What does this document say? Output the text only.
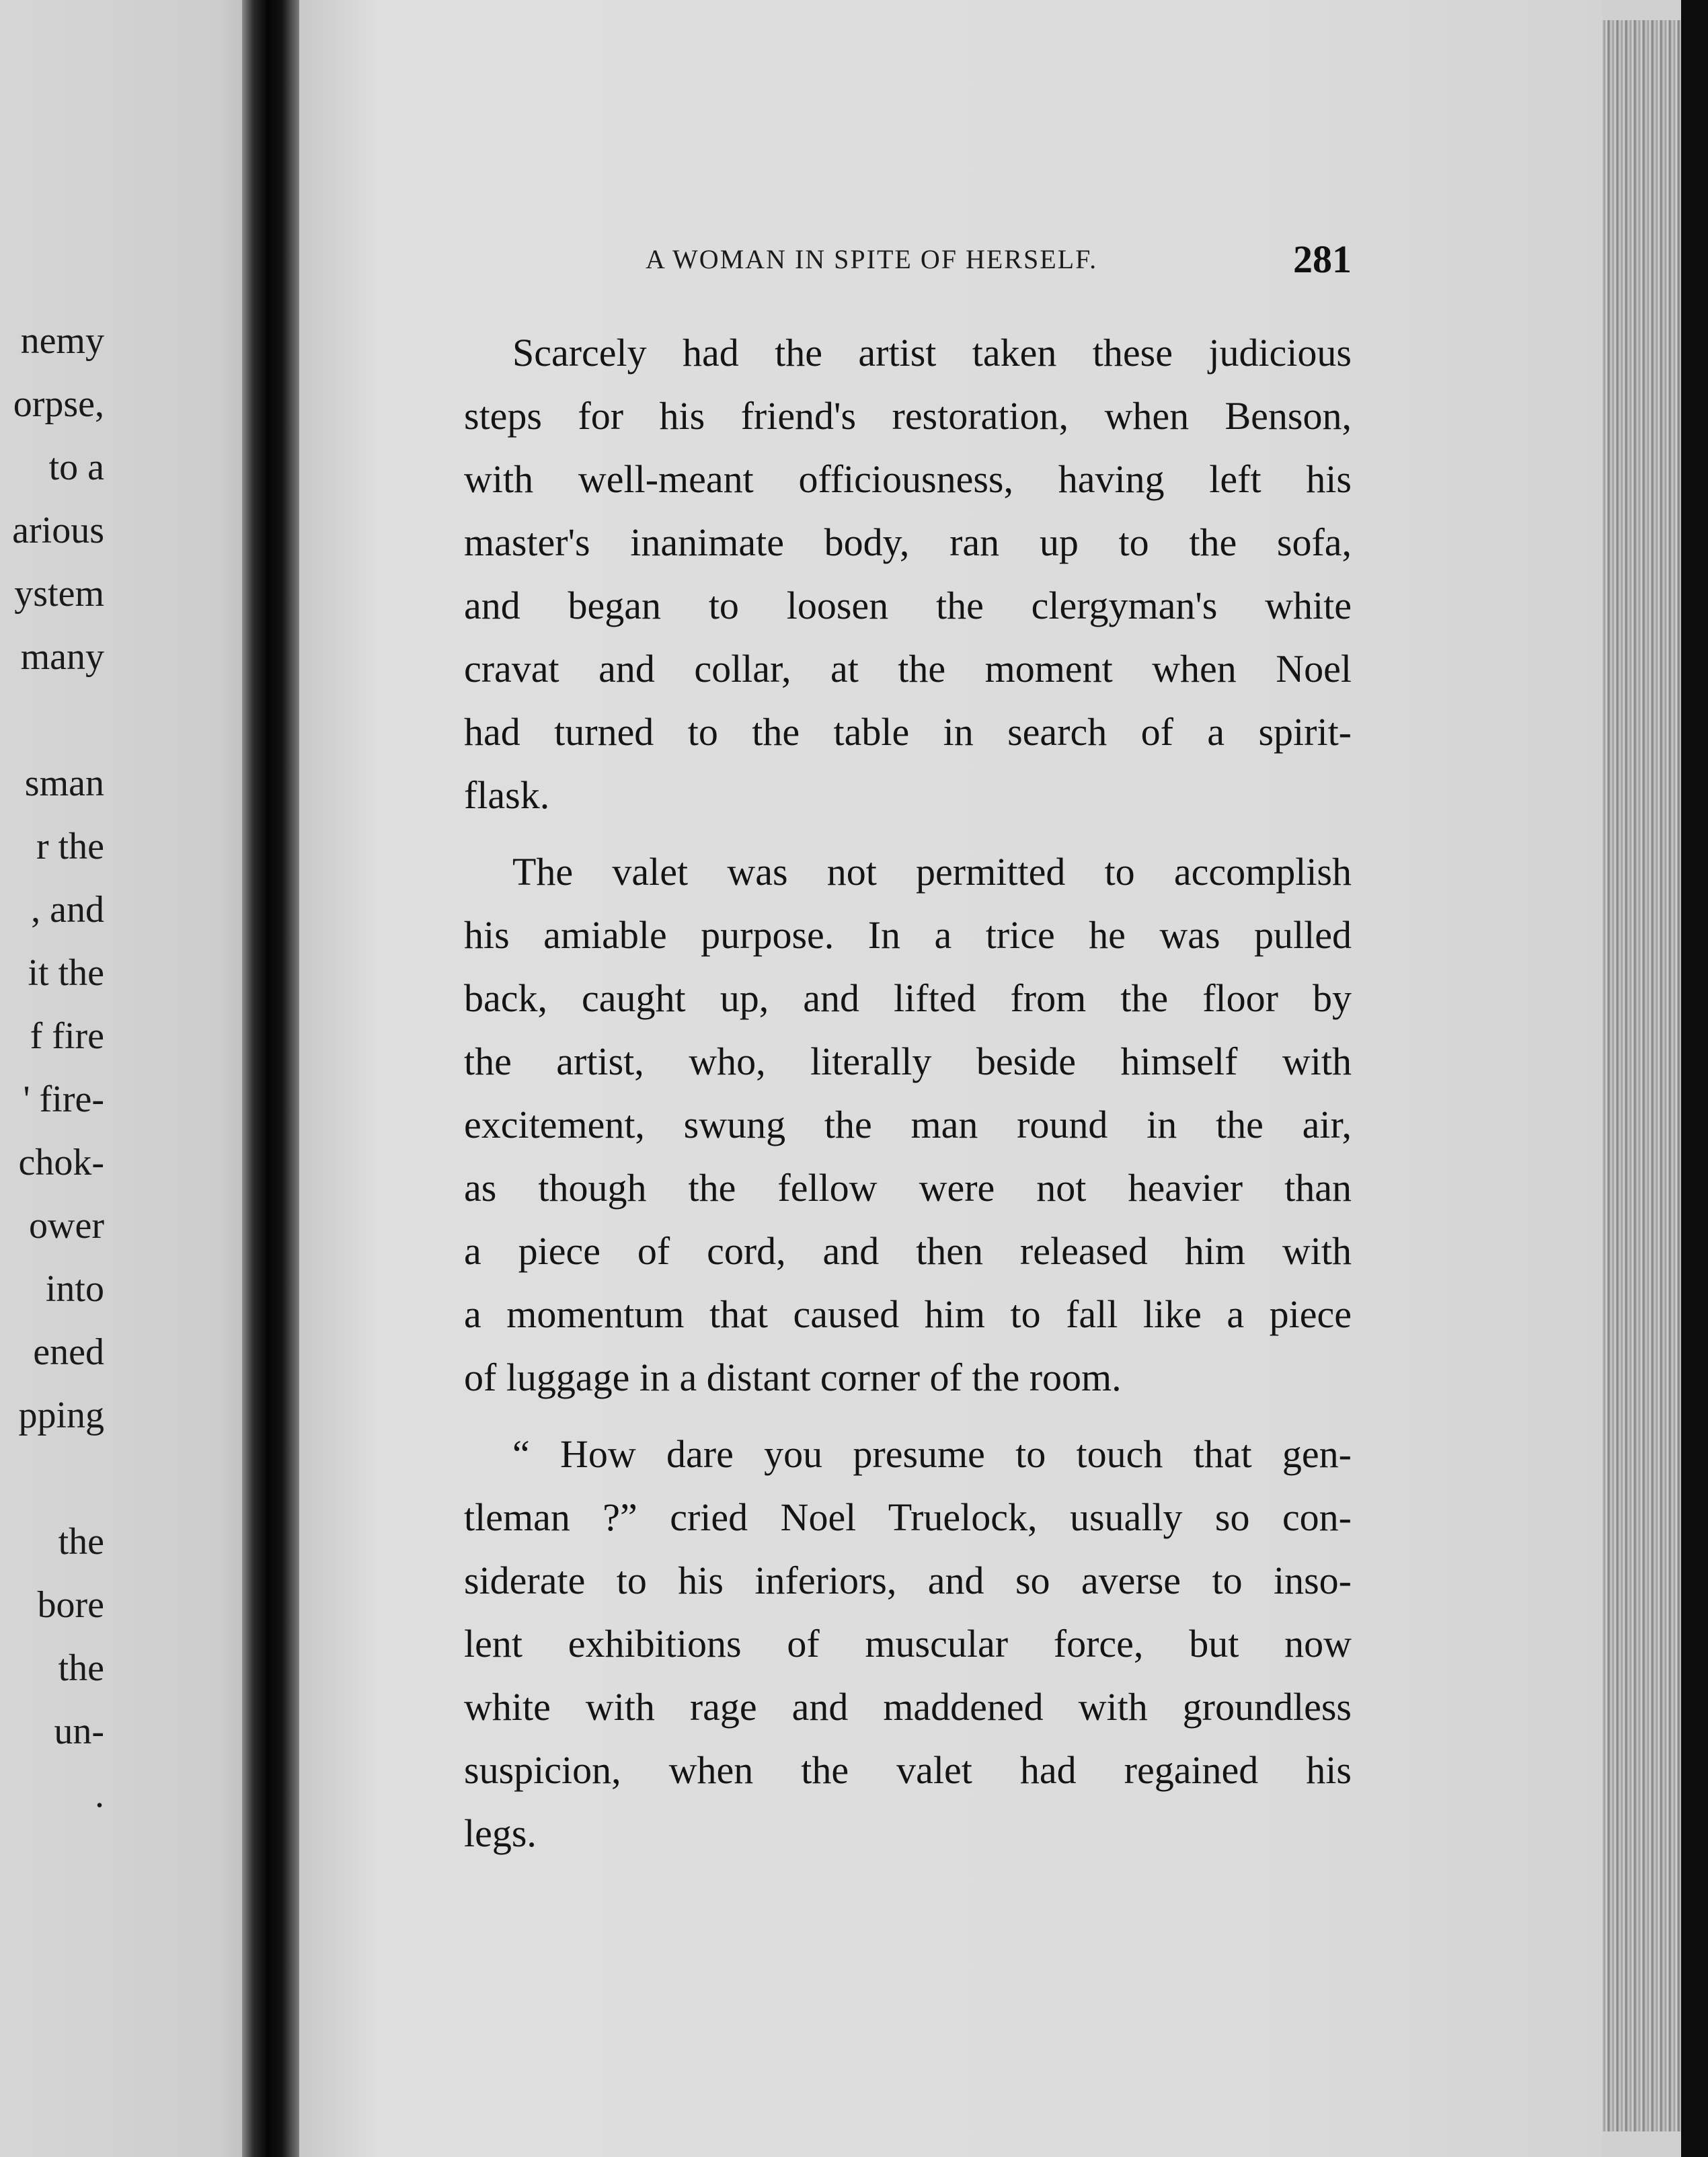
nemy
orpse,
to a
arious
ystem
many
sman
r the
, and
it the
f fire
' fire-
chok-
ower
into
ened
pping
the
bore
the
un-
.
A WOMAN IN SPITE OF HERSELF.	281
Scarcely had the artist taken these judicious
steps for his friend's restoration, when Benson,
with well-meant officiousness, having left his
master's inanimate body, ran up to the sofa,
and began to loosen the clergyman's white
cravat and collar, at the moment when Noel
had turned to the table in search of a spirit-
flask.
The valet was not permitted to accomplish
his amiable purpose. In a trice he was pulled
back, caught up, and lifted from the floor by
the artist, who, literally beside himself with
excitement, swung the man round in the air,
as though the fellow were not heavier than
a piece of cord, and then released him with
a momentum that caused him to fall like a piece
of luggage in a distant corner of the room.
“ How dare you presume to touch that gen-
tleman ?” cried Noel Truelock, usually so con-
siderate to his inferiors, and so averse to inso-
lent exhibitions of muscular force, but now
white with rage and maddened with groundless
suspicion, when the valet had regained his
legs.
